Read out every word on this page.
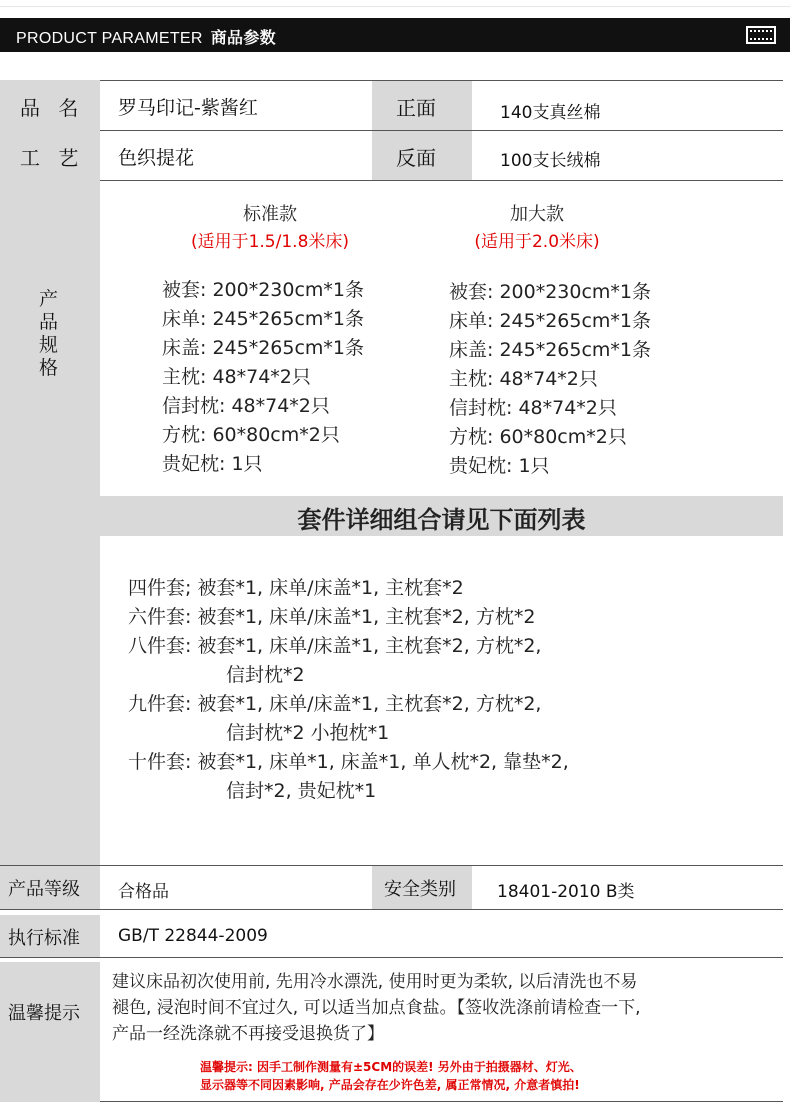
PRODUCT PARAMETER 商品参数
品 名 罗马印记-紫酱红	正面	140支真丝棉
工 艺 色织提花	反面	100支长绒棉
产
品
规
格
标准款
(适用于1.5/1.8米床)
被套: 200*230cm*1条
床单: 245*265cm*1条
床盖: 245*265cm*1条
主枕: 48*74*2只
信封枕: 48*74*2只
方枕: 60*80cm*2只
贵妃枕: 1只
加大款
(适用于2.0米床)
被套: 200*230cm*1条
床单: 245*265cm*1条
床盖: 245*265cm*1条
主枕: 48*74*2只
信封枕: 48*74*2只
方枕: 60*80cm*2只
贵妃枕: 1只
套件详细组合请见下面列表
四件套; 被套*1, 床单/床盖*1, 主枕套*2
六件套: 被套*1, 床单/床盖*1, 主枕套*2, 方枕*2
八件套: 被套*1, 床单/床盖*1, 主枕套*2, 方枕*2,
信封枕*2
九件套: 被套*1, 床单/床盖*1, 主枕套*2, 方枕*2,
信封枕*2 小抱枕*1
十件套: 被套*1, 床单*1, 床盖*1, 单人枕*2, 靠垫*2,
信封*2, 贵妃枕*1
产品等级 合格品	安全类别 18401-2010 B类
执行标准 GB/T 22844-2009
温馨提示
建议床品初次使用前, 先用冷水漂洗, 使用时更为柔软, 以后清洗也不易
褪色, 浸泡时间不宜过久, 可以适当加点食盐。【签收洗涤前请检查一下,
产品一经洗涤就不再接受退换货了】
温馨提示: 因手工制作测量有±5CM的误差! 另外由于拍摄器材、灯光、
显示器等不同因素影响, 产品会存在少许色差, 属正常情况, 介意者慎拍!
